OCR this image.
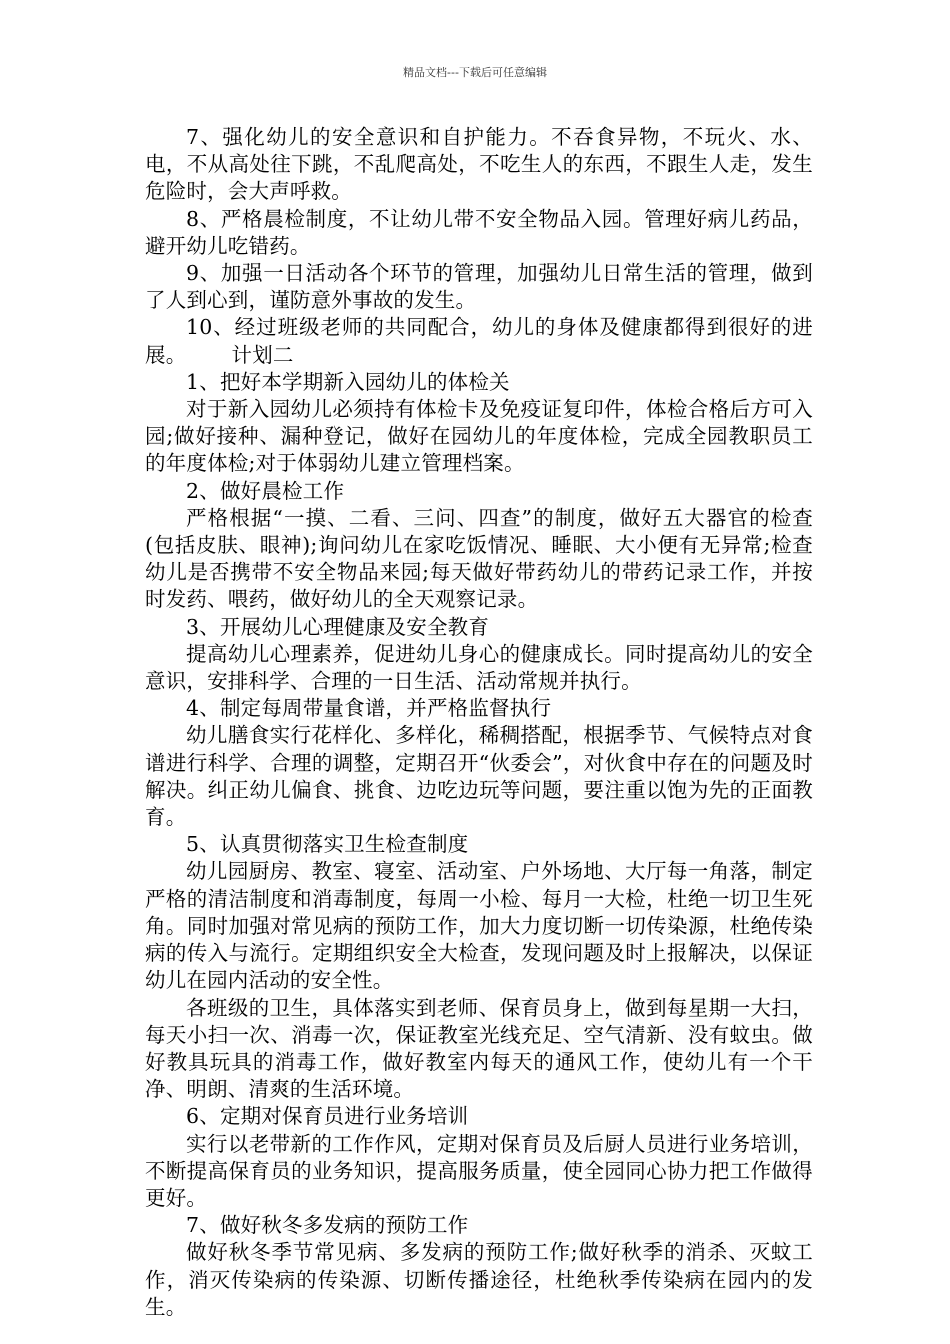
精品文档---下载后可任意编辑

7、强化幼儿的安全意识和自护能力。不吞食异物，不玩火、水、电，不从高处往下跳，不乱爬高处，不吃生人的东西，不跟生人走，发生危险时，会大声呼救。

8、严格晨检制度，不让幼儿带不安全物品入园。管理好病儿药品，避开幼儿吃错药。

9、加强一日活动各个环节的管理，加强幼儿日常生活的管理，做到了人到心到，谨防意外事故的发生。

10、经过班级老师的共同配合，幼儿的身体及健康都得到很好的进展。 计划二

1、把好本学期新入园幼儿的体检关

对于新入园幼儿必须持有体检卡及免疫证复印件，体检合格后方可入园;做好接种、漏种登记，做好在园幼儿的年度体检，完成全园教职员工的年度体检;对于体弱幼儿建立管理档案。

2、做好晨检工作

严格根据“一摸、二看、三问、四查”的制度，做好五大器官的检查(包括皮肤、眼神);询问幼儿在家吃饭情况、睡眠、大小便有无异常;检查幼儿是否携带不安全物品来园;每天做好带药幼儿的带药记录工作，并按时发药、喂药，做好幼儿的全天观察记录。

3、开展幼儿心理健康及安全教育

提高幼儿心理素养，促进幼儿身心的健康成长。同时提高幼儿的安全意识，安排科学、合理的一日生活、活动常规并执行。

4、制定每周带量食谱，并严格监督执行

幼儿膳食实行花样化、多样化，稀稠搭配，根据季节、气候特点对食谱进行科学、合理的调整，定期召开“伙委会”，对伙食中存在的问题及时解决。纠正幼儿偏食、挑食、边吃边玩等问题，要注重以饱为先的正面教育。

5、认真贯彻落实卫生检查制度

幼儿园厨房、教室、寝室、活动室、户外场地、大厅每一角落，制定严格的清洁制度和消毒制度，每周一小检、每月一大检，杜绝一切卫生死角。同时加强对常见病的预防工作，加大力度切断一切传染源，杜绝传染病的传入与流行。定期组织安全大检查，发现问题及时上报解决，以保证幼儿在园内活动的安全性。

各班级的卫生，具体落实到老师、保育员身上，做到每星期一大扫，每天小扫一次、消毒一次，保证教室光线充足、空气清新、没有蚊虫。做好教具玩具的消毒工作，做好教室内每天的通风工作，使幼儿有一个干净、明朗、清爽的生活环境。

6、定期对保育员进行业务培训

实行以老带新的工作作风，定期对保育员及后厨人员进行业务培训，不断提高保育员的业务知识，提高服务质量，使全园同心协力把工作做得更好。

7、做好秋冬多发病的预防工作

做好秋冬季节常见病、多发病的预防工作;做好秋季的消杀、灭蚊工作，消灭传染病的传染源、切断传播途径，杜绝秋季传染病在园内的发生。
